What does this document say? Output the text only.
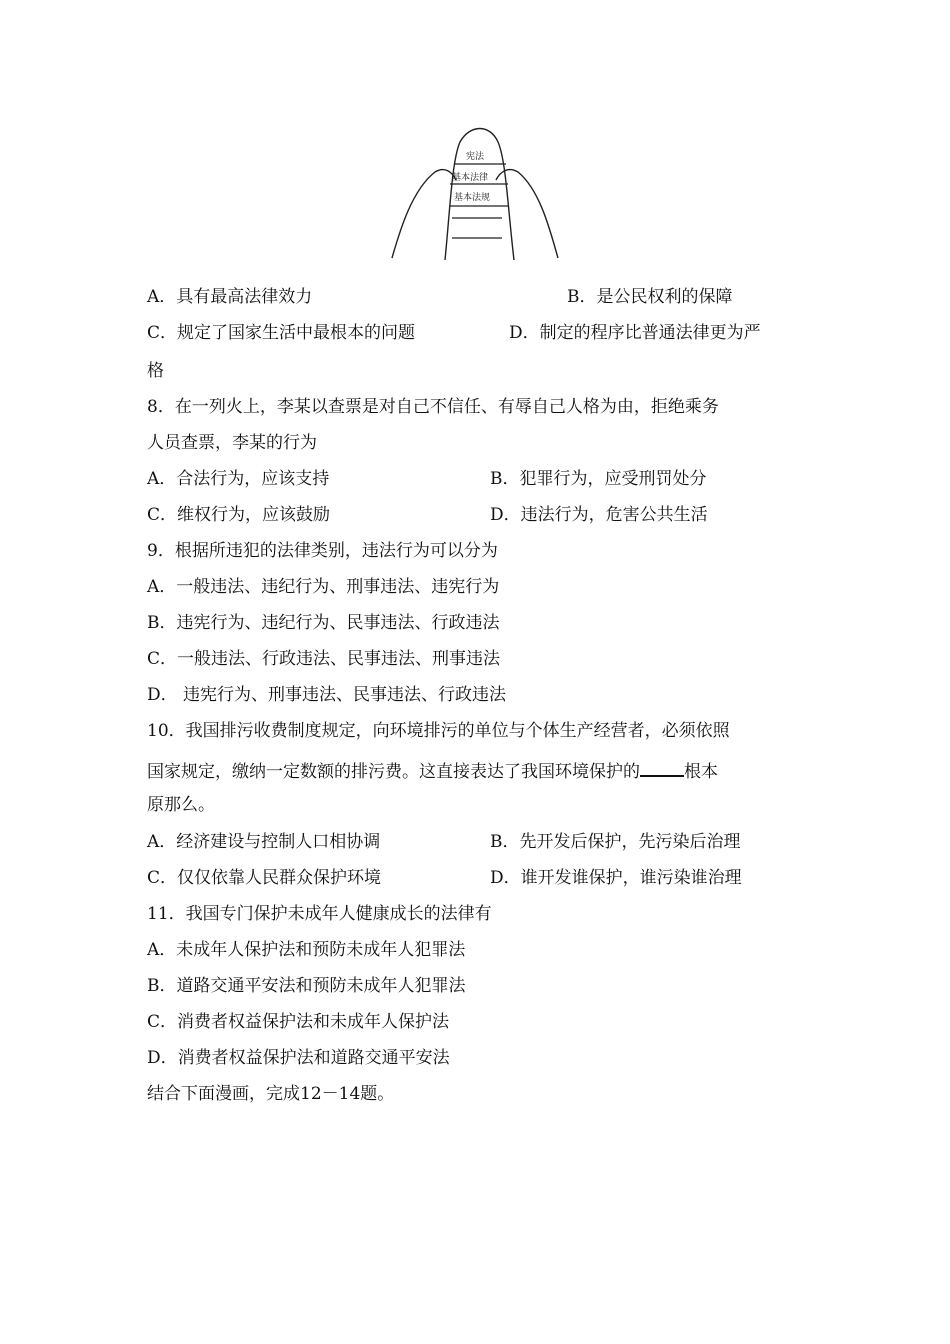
宪法
基本法律
基本法规
A．具有最高法律效力	B．是公民权利的保障
C．规定了国家生活中最根本的问题	D．制定的程序比普通法律更为严
格
8．在一列火上，李某以查票是对自己不信任、有辱自己人格为由，拒绝乘务
人员查票，李某的行为
A．合法行为，应该支持	B．犯罪行为，应受刑罚处分
C．维权行为，应该鼓励	D．违法行为，危害公共生活
9．根据所违犯的法律类别，违法行为可以分为
A．一般违法、违纪行为、刑事违法、违宪行为
B．违宪行为、违纪行为、民事违法、行政违法
C．一般违法、行政违法、民事违法、刑事违法
D． 违宪行为、刑事违法、民事违法、行政违法
10．我国排污收费制度规定，向环境排污的单位与个体生产经营者，必须依照
国家规定，缴纳一定数额的排污费。这直接表达了我国环境保护的	根本
原那么。
A．经济建设与控制人口相协调	B．先开发后保护，先污染后治理
C．仅仅依靠人民群众保护环境	D．谁开发谁保护，谁污染谁治理
11．我国专门保护未成年人健康成长的法律有
A．未成年人保护法和预防未成年人犯罪法
B．道路交通平安法和预防未成年人犯罪法
C．消费者权益保护法和未成年人保护法
D．消费者权益保护法和道路交通平安法
结合下面漫画，完成12－14题。
